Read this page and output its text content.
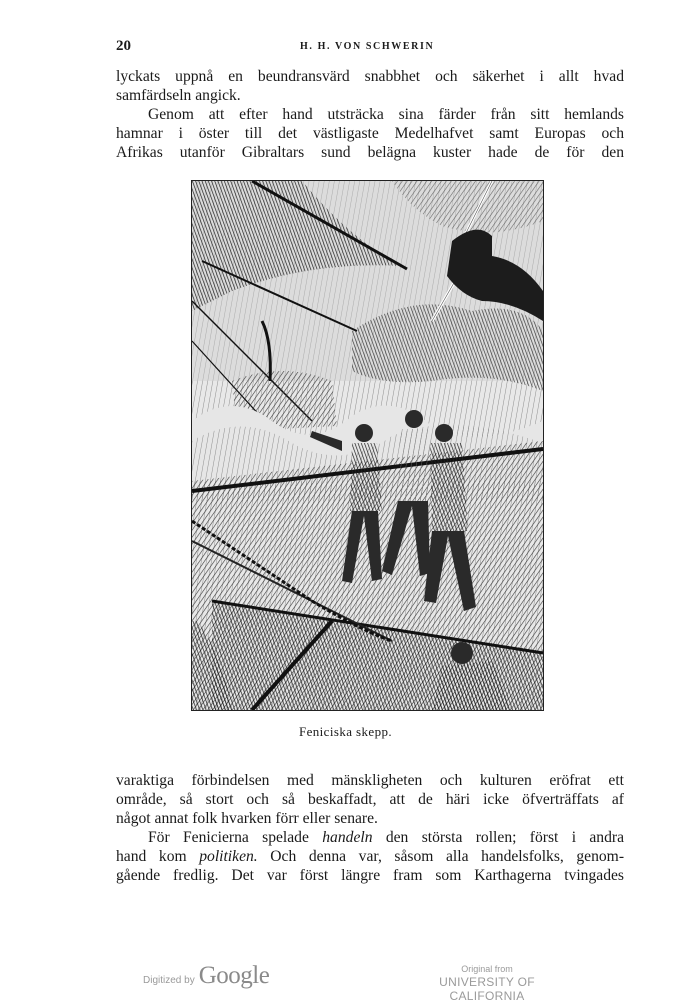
20	H. H. VON SCHWERIN
lyckats uppnå en beundransvärd snabbhet och säkerhet i allt hvad
samfärdseln angick.
Genom att efter hand utsträcka sina färder från sitt hemlands
hamnar i öster till det västligaste Medelhafvet samt Europas och
Afrikas utanför Gibraltars sund belägna kuster hade de för den
Feniciska skepp.
varaktiga förbindelsen med mänskligheten och kulturen eröfrat ett
område, så stort och så beskaffadt, att de häri icke öfverträffats af
något annat folk hvarken förr eller senare.
För Fenicierna spelade handeln den största rollen; först i andra
hand kom politiken. Och denna var, såsom alla handelsfolks, genom-
gående fredlig. Det var först längre fram som Karthagerna tvingades
Digitized by Google	Original from
UNIVERSITY OF CALIFORNIA
